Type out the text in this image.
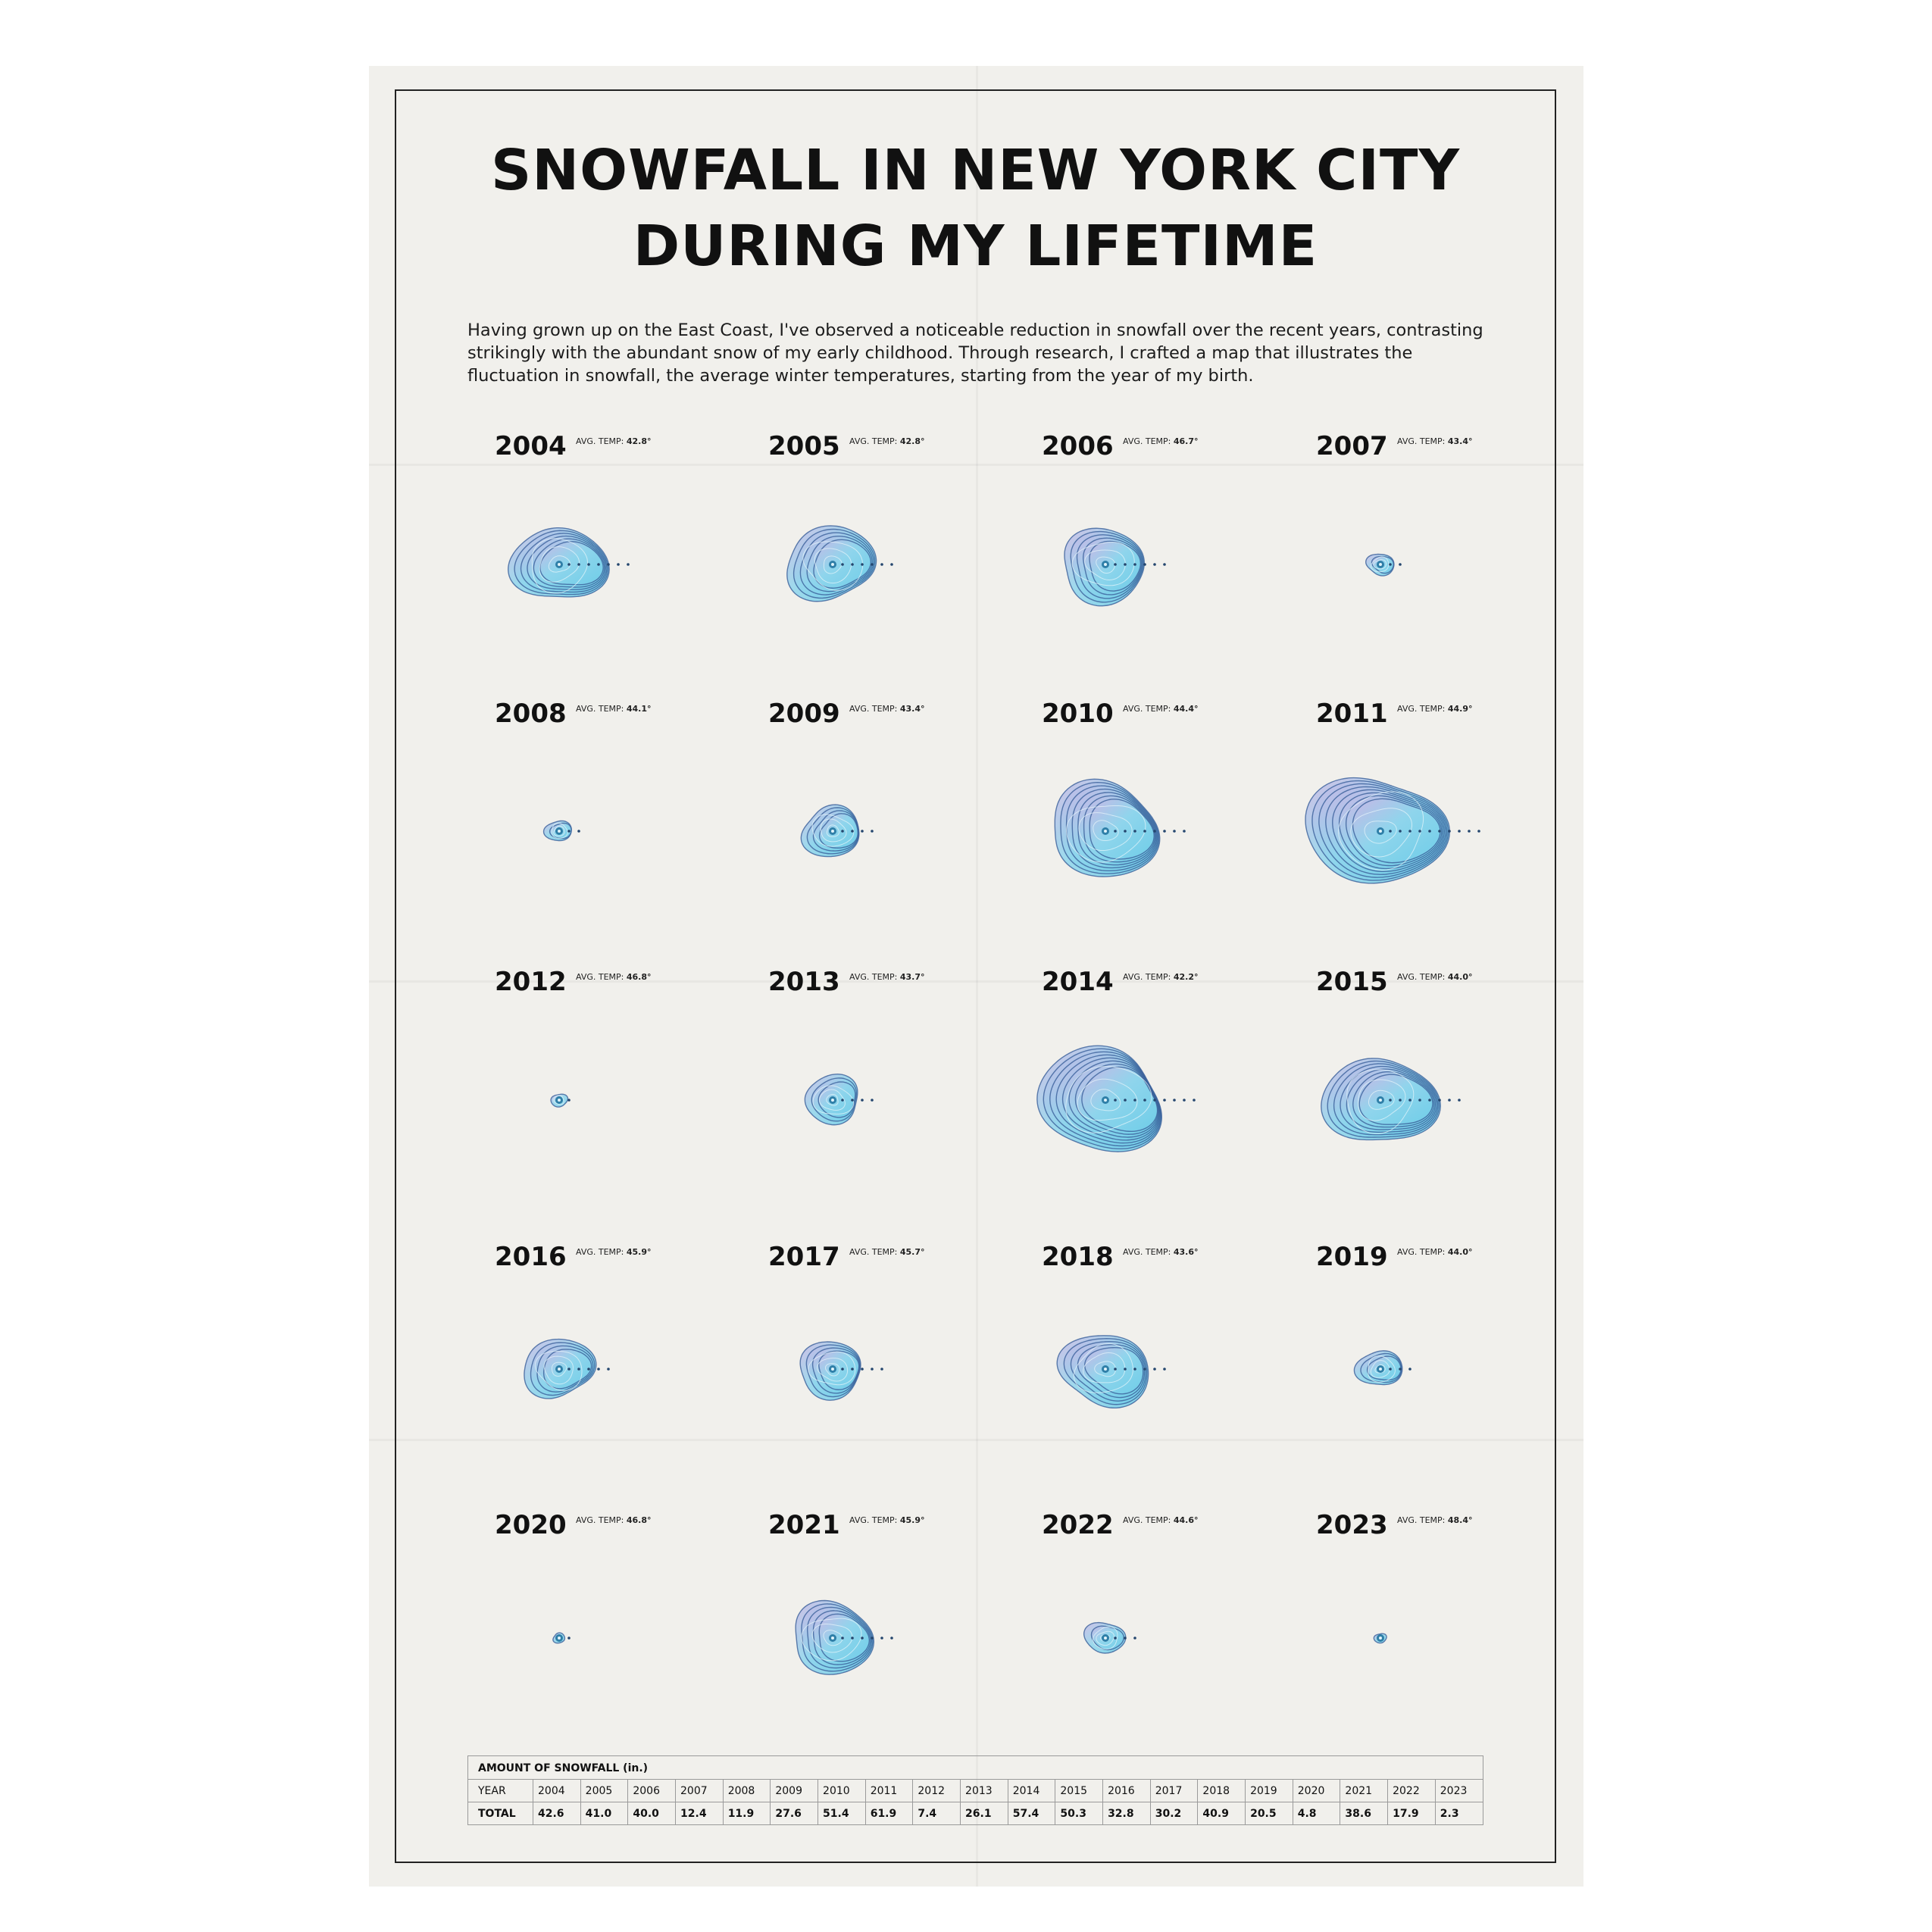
SNOWFALL IN NEW YORK CITY
DURING MY LIFETIME

Having grown up on the East Coast, I've observed a noticeable reduction in snowfall over the recent years, contrasting strikingly with the abundant snow of my early childhood. Through research, I crafted a map that illustrates the fluctuation in snowfall, the average winter temperatures, starting from the year of my birth.

2004 AVG. TEMP: 42.8°	2005 AVG. TEMP: 42.8°	2006 AVG. TEMP: 46.7°	2007 AVG. TEMP: 43.4°
2008 AVG. TEMP: 44.1°	2009 AVG. TEMP: 43.4°	2010 AVG. TEMP: 44.4°	2011 AVG. TEMP: 44.9°
2012 AVG. TEMP: 46.8°	2013 AVG. TEMP: 43.7°	2014 AVG. TEMP: 42.2°	2015 AVG. TEMP: 44.0°
2016 AVG. TEMP: 45.9°	2017 AVG. TEMP: 45.7°	2018 AVG. TEMP: 43.6°	2019 AVG. TEMP: 44.0°
2020 AVG. TEMP: 46.8°	2021 AVG. TEMP: 45.9°	2022 AVG. TEMP: 44.6°	2023 AVG. TEMP: 48.4°
AMOUNT OF SNOWFALL (in.)
YEAR	2004	2005	2006	2007	2008	2009	2010	2011	2012	2013	2014	2015	2016	2017	2018	2019	2020	2021	2022	2023
TOTAL	42.6	41.0	40.0	12.4	11.9	27.6	51.4	61.9	7.4	26.1	57.4	50.3	32.8	30.2	40.9	20.5	4.8	38.6	17.9	2.3
